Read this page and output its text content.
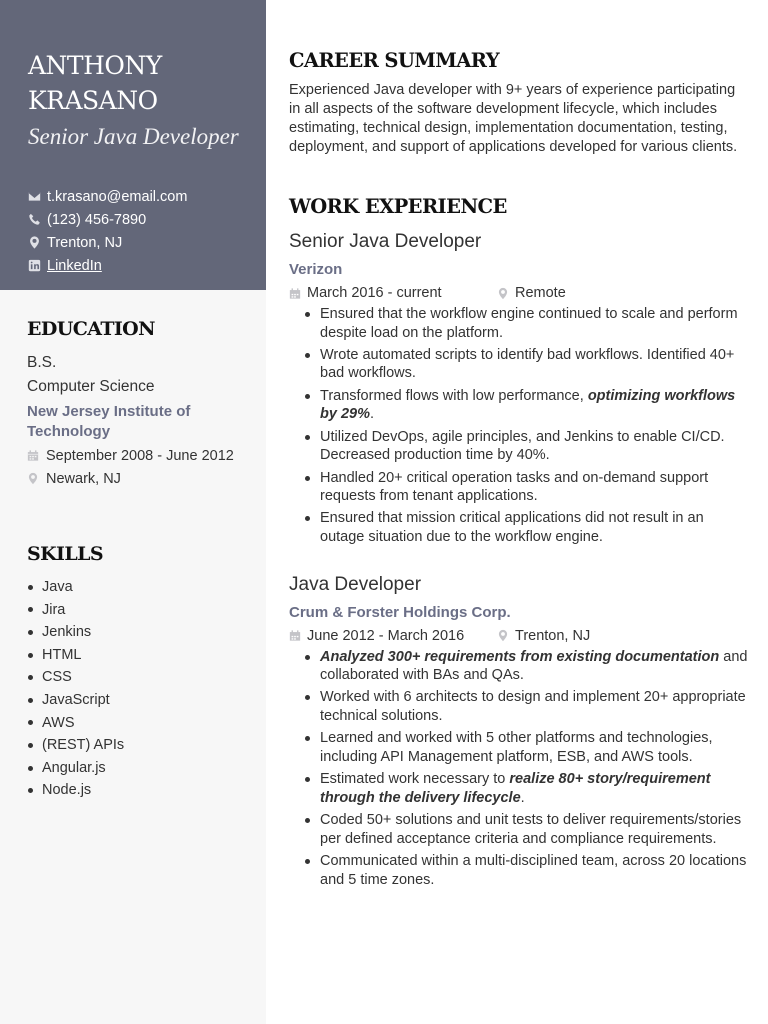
ANTHONY
KRASANO
Senior Java Developer
t.krasano@email.com
(123) 456-7890
Trenton, NJ
LinkedIn
EDUCATION
B.S.
Computer Science
New Jersey Institute of Technology
September 2008 - June 2012
Newark, NJ
SKILLS
Java
Jira
Jenkins
HTML
CSS
JavaScript
AWS
(REST) APIs
Angular.js
Node.js
CAREER SUMMARY

Experienced Java developer with 9+ years of experience participating in all aspects of the software development lifecycle, which includes estimating, technical design, implementation documentation, testing, deployment, and support of applications developed for various clients.

WORK EXPERIENCE
Senior Java Developer
Verizon
March 2016 - current	Remote
Ensured that the workflow engine continued to scale and perform despite load on the platform.
Wrote automated scripts to identify bad workflows. Identified 40+ bad workflows.
Transformed flows with low performance, optimizing workflows by 29%.
Utilized DevOps, agile principles, and Jenkins to enable CI/CD. Decreased production time by 40%.
Handled 20+ critical operation tasks and on-demand support requests from tenant applications.
Ensured that mission critical applications did not result in an outage situation due to the workflow engine.
Java Developer
Crum & Forster Holdings Corp.
June 2012 - March 2016	Trenton, NJ
Analyzed 300+ requirements from existing documentation and collaborated with BAs and QAs.
Worked with 6 architects to design and implement 20+ appropriate technical solutions.
Learned and worked with 5 other platforms and technologies, including API Management platform, ESB, and AWS tools.
Estimated work necessary to realize 80+ story/requirement through the delivery lifecycle.
Coded 50+ solutions and unit tests to deliver requirements/stories per defined acceptance criteria and compliance requirements.
Communicated within a multi-disciplined team, across 20 locations and 5 time zones.
